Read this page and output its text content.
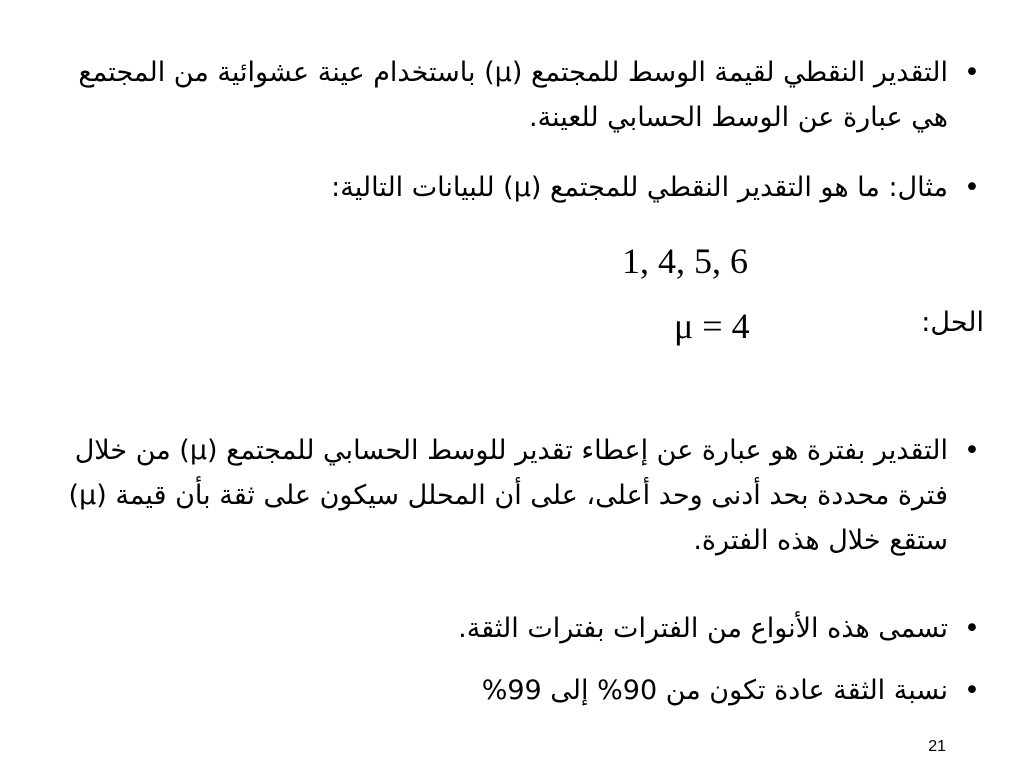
•
التقدير النقطي لقيمة الوسط للمجتمع (μ) باستخدام عينة عشوائية من المجتمع هي عبارة عن الوسط الحسابي للعينة.
•
مثال: ما هو التقدير النقطي للمجتمع (μ) للبيانات التالية:
1, 4, 5, 6
الحل:
μ = 4
•
التقدير بفترة هو عبارة عن إعطاء تقدير للوسط الحسابي للمجتمع (μ) من خلال فترة محددة بحد أدنى وحد أعلى، على أن المحلل سيكون على ثقة بأن قيمة (μ) ستقع خلال هذه الفترة.
•
تسمى هذه الأنواع من الفترات بفترات الثقة.
•
نسبة الثقة عادة تكون من 90% إلى 99%
21
